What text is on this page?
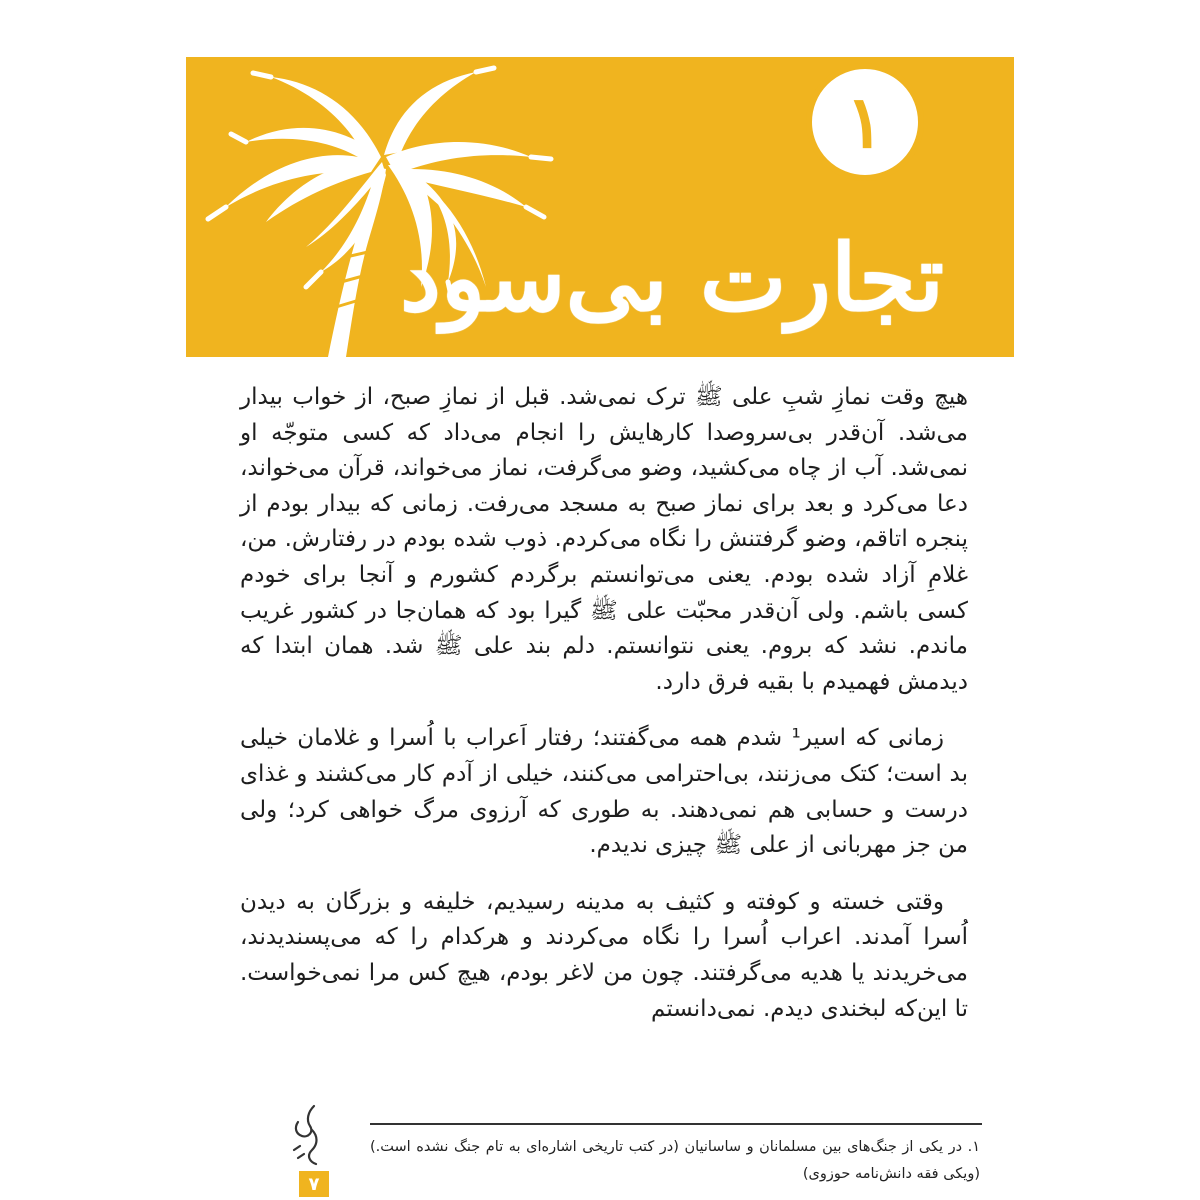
تجارت بی‌سود
۱

هیچ وقت نمازِ شبِ علی ﷺ ترک نمی‌شد. قبل از نمازِ صبح، از خواب بیدار می‌شد. آن‌قدر بی‌سروصدا کارهایش را انجام می‌داد که کسی متوجّه او نمی‌شد. آب از چاه می‌کشید، وضو می‌گرفت، نماز می‌خواند، قرآن می‌خواند، دعا می‌کرد و بعد برای نماز صبح به مسجد می‌رفت. زمانی که بیدار بودم از پنجره اتاقم، وضو گرفتنش را نگاه می‌کردم. ذوب شده بودم در رفتارش. من، غلامِ آزاد شده بودم. یعنی می‌توانستم برگردم کشورم و آنجا برای خودم کسی باشم. ولی آن‌قدر محبّت علی ﷺ گیرا بود که همان‌جا در کشور غریب ماندم. نشد که بروم. یعنی نتوانستم. دلم بند علی ﷺ شد. همان ابتدا که دیدمش فهمیدم با بقیه فرق دارد.

زمانی که اسیر¹ شدم همه می‌گفتند؛ رفتار اَعراب با اُسرا و غلامان خیلی بد است؛ کتک می‌زنند، بی‌احترامی می‌کنند، خیلی از آدم کار می‌کشند و غذای درست و حسابی هم نمی‌دهند. به طوری که آرزوی مرگ خواهی کرد؛ ولی من جز مهربانی از علی ﷺ چیزی ندیدم.

وقتی خسته و کوفته و کثیف به مدینه رسیدیم، خلیفه و بزرگان به دیدن اُسرا آمدند. اعراب اُسرا را نگاه می‌کردند و هرکدام را که می‌پسندیدند، می‌خریدند یا هدیه می‌گرفتند. چون من لاغر بودم، هیچ کس مرا نمی‌خواست. تا این‌که لبخندی دیدم. نمی‌دانستم

۱. در یکی از جنگ‌های بین مسلمانان و ساسانیان (در کتب تاریخی اشاره‌ای به تام جنگ نشده است.) (ویکی فقه دانش‌نامه حوزوی)
۷
